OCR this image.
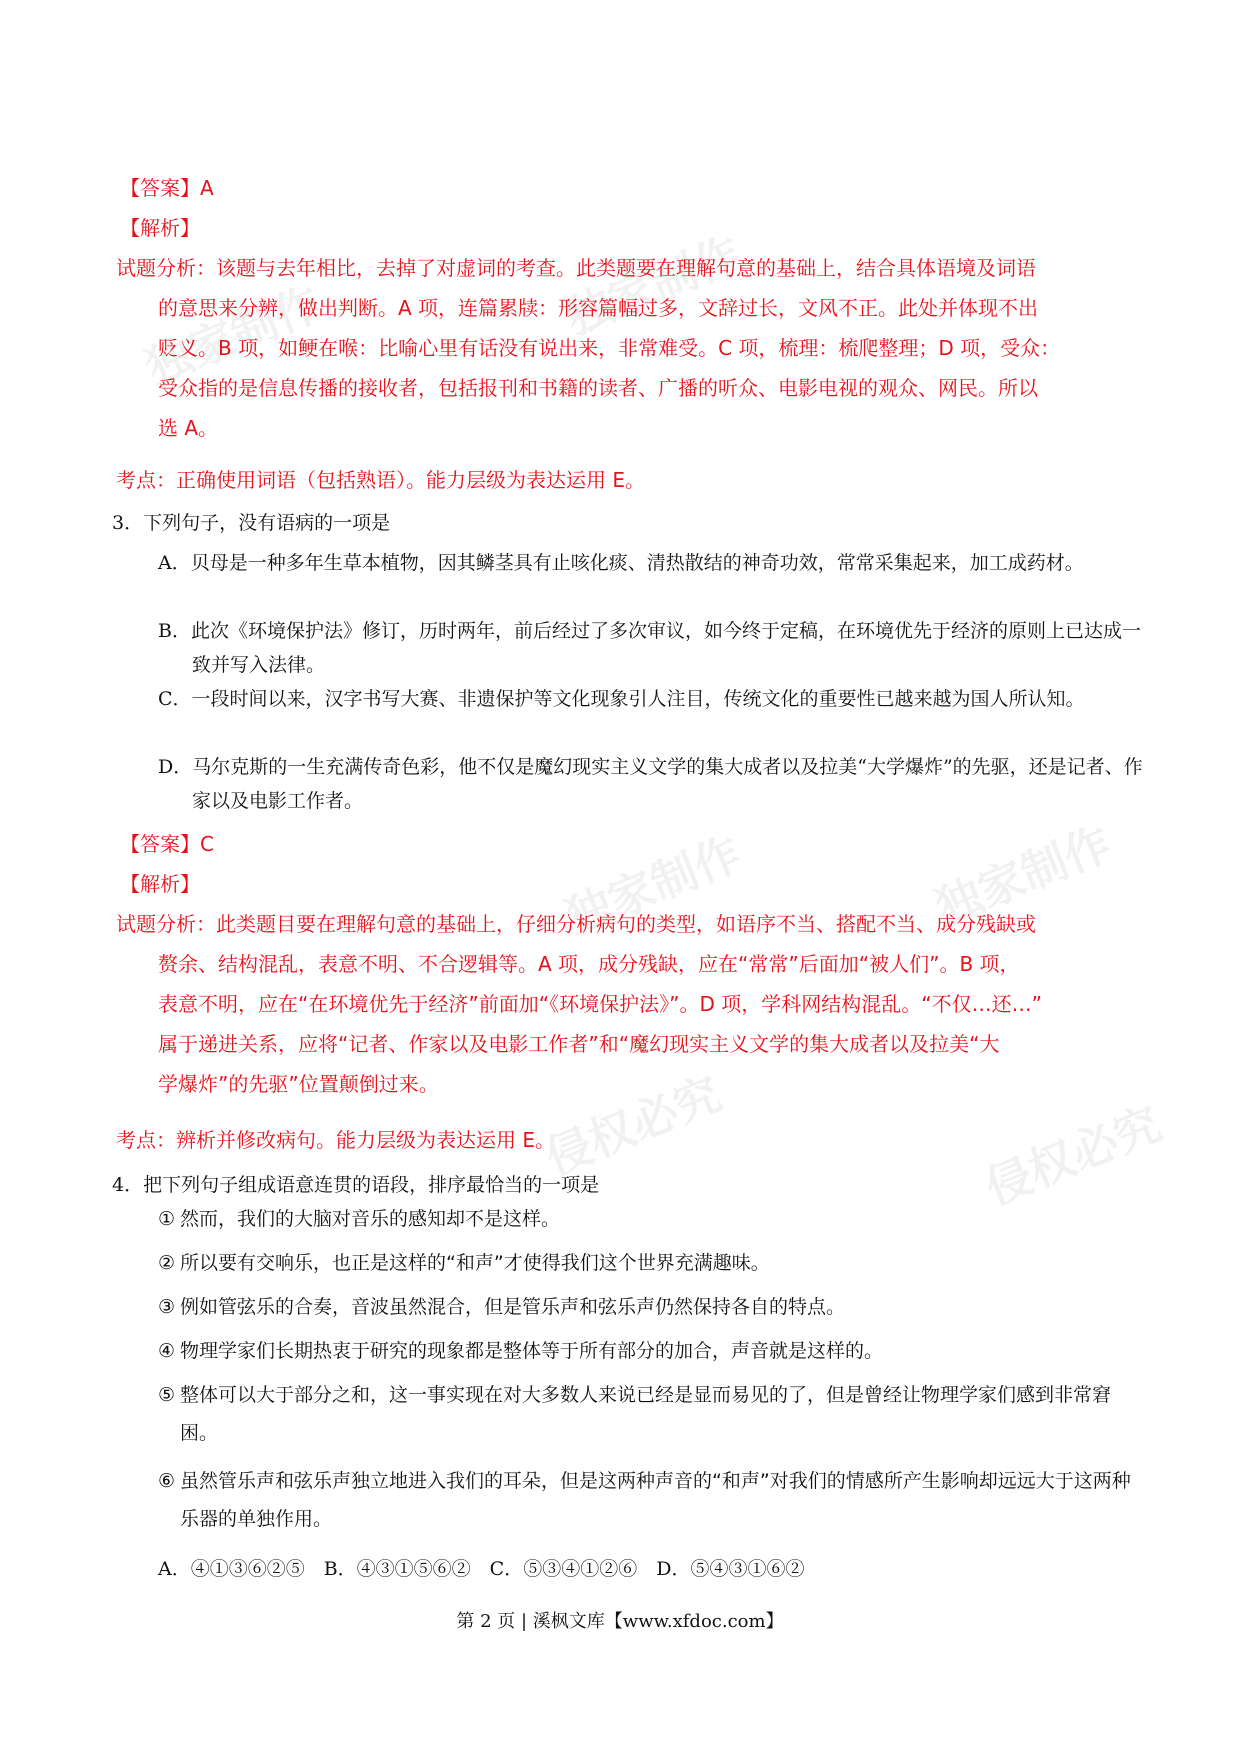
独家制作	独家制作
独家制作	独家制作
侵权必究	侵权必究
【答案】A
【解析】

试题分析：该题与去年相比，去掉了对虚词的考查。此类题要在理解句意的基础上，结合具体语境及词语

的意思来分辨，做出判断。A 项，连篇累牍：形容篇幅过多，文辞过长，文风不正。此处并体现不出

贬义。B 项，如鲠在喉：比喻心里有话没有说出来，非常难受。C 项，梳理：梳爬整理；D 项，受众：

受众指的是信息传播的接收者，包括报刊和书籍的读者、广播的听众、电影电视的观众、网民。所以

选 A。

考点：正确使用词语（包括熟语）。能力层级为表达运用 E。
3．下列句子，没有语病的一项是
A．贝母是一种多年生草本植物，因其鳞茎具有止咳化痰、清热散结的神奇功效，常常采集起来，加工成药材。
B．此次《环境保护法》修订，历时两年，前后经过了多次审议，如今终于定稿，在环境优先于经济的原则上已达成一致并写入法律。
C．一段时间以来，汉字书写大赛、非遗保护等文化现象引人注目，传统文化的重要性已越来越为国人所认知。
D．马尔克斯的一生充满传奇色彩，他不仅是魔幻现实主义文学的集大成者以及拉美“大学爆炸”的先驱，还是记者、作家以及电影工作者。
【答案】C
【解析】

试题分析：此类题目要在理解句意的基础上，仔细分析病句的类型，如语序不当、搭配不当、成分残缺或

赘余、结构混乱，表意不明、不合逻辑等。A 项，成分残缺，应在“常常”后面加“被人们”。B 项，

表意不明，应在“在环境优先于经济”前面加“《环境保护法》”。D 项，学科网结构混乱。“不仅…还…”

属于递进关系，应将“记者、作家以及电影工作者”和“魔幻现实主义文学的集大成者以及拉美“大

学爆炸”的先驱”位置颠倒过来。

考点：辨析并修改病句。能力层级为表达运用 E。
4．把下列句子组成语意连贯的语段，排序最恰当的一项是
① 然而，我们的大脑对音乐的感知却不是这样。
② 所以要有交响乐，也正是这样的“和声”才使得我们这个世界充满趣味。
③ 例如管弦乐的合奏，音波虽然混合，但是管乐声和弦乐声仍然保持各自的特点。
④ 物理学家们长期热衷于研究的现象都是整体等于所有部分的加合，声音就是这样的。
⑤ 整体可以大于部分之和，这一事实现在对大多数人来说已经是显而易见的了，但是曾经让物理学家们感到非常窘困。
⑥ 虽然管乐声和弦乐声独立地进入我们的耳朵，但是这两种声音的“和声”对我们的情感所产生影响却远远大于这两种乐器的单独作用。
A．④①③⑥②⑤　B．④③①⑤⑥②　C．⑤③④①②⑥　D．⑤④③①⑥②
第 2 页 | 溪枫文库【www.xfdoc.com】
